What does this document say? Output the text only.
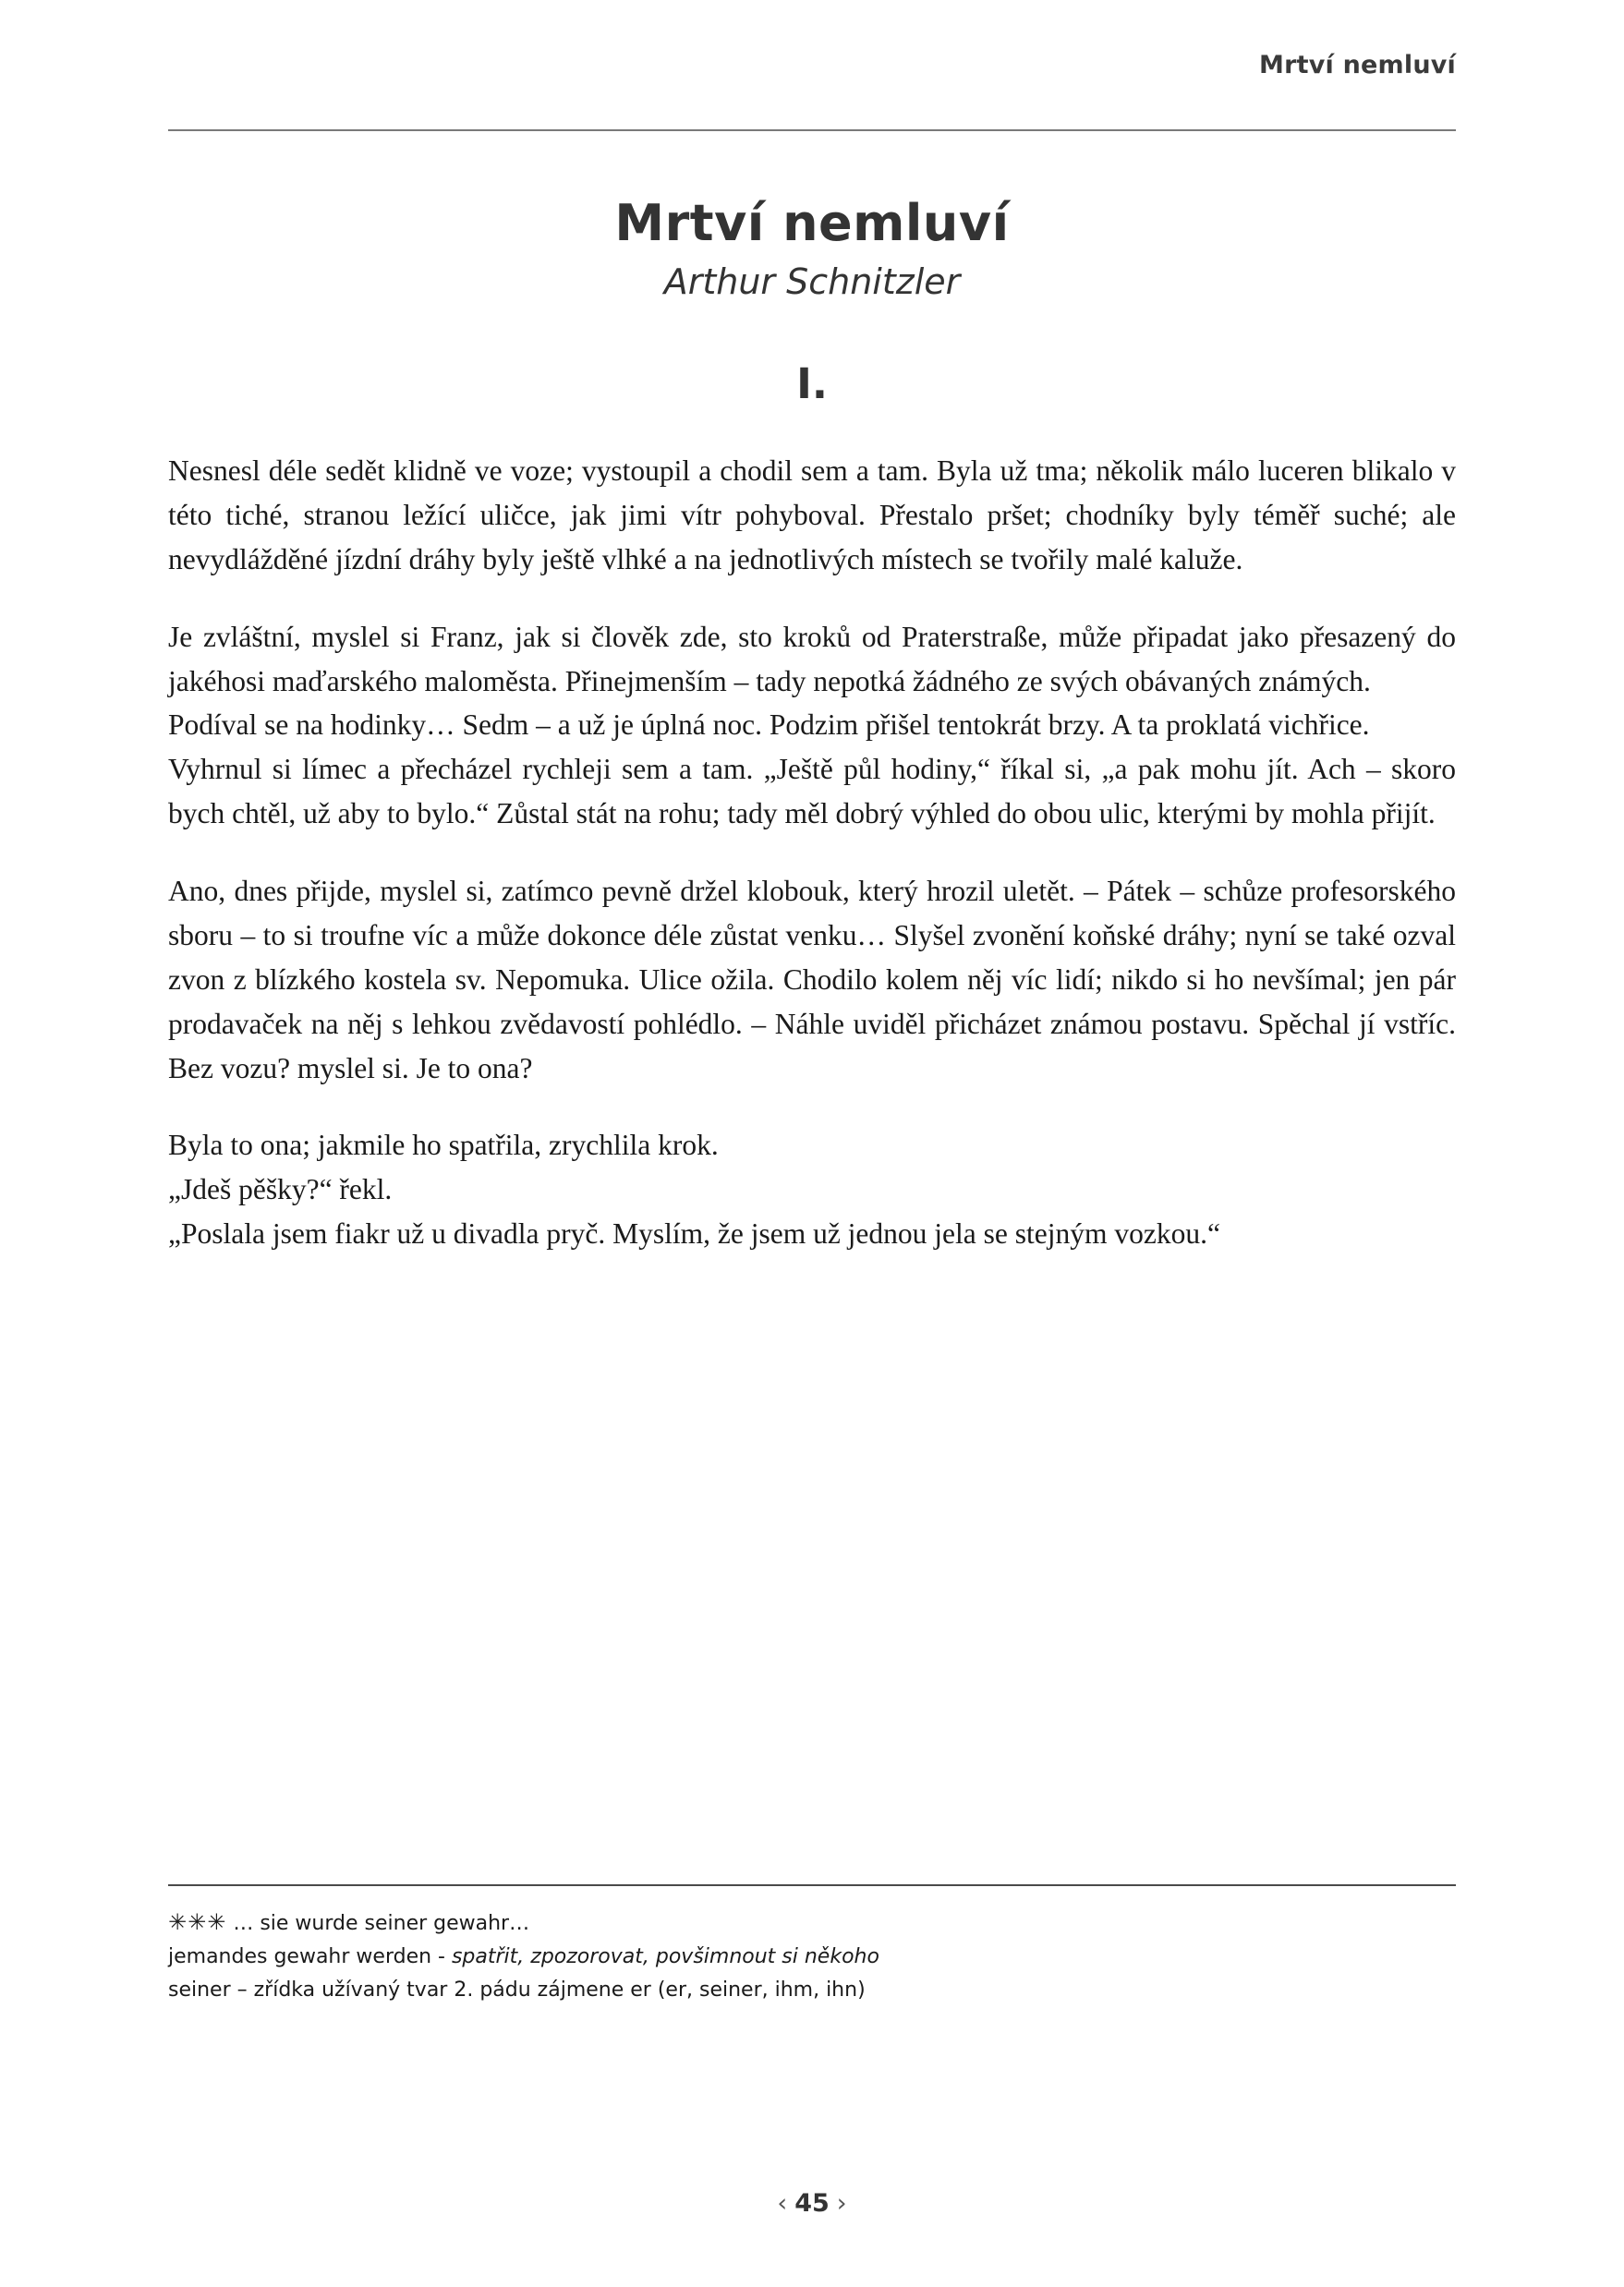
Mrtví nemluví
Mrtví nemluví
Arthur Schnitzler
I.

Nesnesl déle sedět klidně ve voze; vystoupil a chodil sem a tam. Byla už tma; několik málo luceren blikalo v této tiché, stranou ležící uličce, jak jimi vítr pohyboval. Přestalo pršet; chodníky byly téměř suché; ale nevydlážděné jízdní dráhy byly ještě vlhké a na jednotlivých místech se tvořily malé kaluže.

Je zvláštní, myslel si Franz, jak si člověk zde, sto kroků od Praterstraße, může připadat jako přesazený do jakéhosi maďarského maloměsta. Přinejmenším – tady nepotká žádného ze svých obávaných známých.

Podíval se na hodinky… Sedm – a už je úplná noc. Podzim přišel tentokrát brzy. A ta proklatá vichřice.

Vyhrnul si límec a přecházel rychleji sem a tam. „Ještě půl hodiny,“ říkal si, „a pak mohu jít. Ach – skoro bych chtěl, už aby to bylo.“ Zůstal stát na rohu; tady měl dobrý výhled do obou ulic, kterými by mohla přijít.

Ano, dnes přijde, myslel si, zatímco pevně držel klobouk, který hrozil uletět. – Pátek – schůze profesorského sboru – to si troufne víc a může dokonce déle zůstat venku… Slyšel zvonění koňské dráhy; nyní se také ozval zvon z blízkého kostela sv. Nepomuka. Ulice ožila. Chodilo kolem něj víc lidí; nikdo si ho nevšímal; jen pár prodavaček na něj s lehkou zvědavostí pohlédlo. – Náhle uviděl přicházet známou postavu. Spěchal jí vstříc. Bez vozu? myslel si. Je to ona?

Byla to ona; jakmile ho spatřila, zrychlila krok.

„Jdeš pěšky?“ řekl.

„Poslala jsem fiakr už u divadla pryč. Myslím, že jsem už jednou jela se stejným vozkou.“

✳✳✳ … sie wurde seiner gewahr…
jemandes gewahr werden - spatřit, zpozorovat, povšimnout si někoho
seiner – zřídka užívaný tvar 2. pádu zájmene er (er, seiner, ihm, ihn)
‹ 45 ›
